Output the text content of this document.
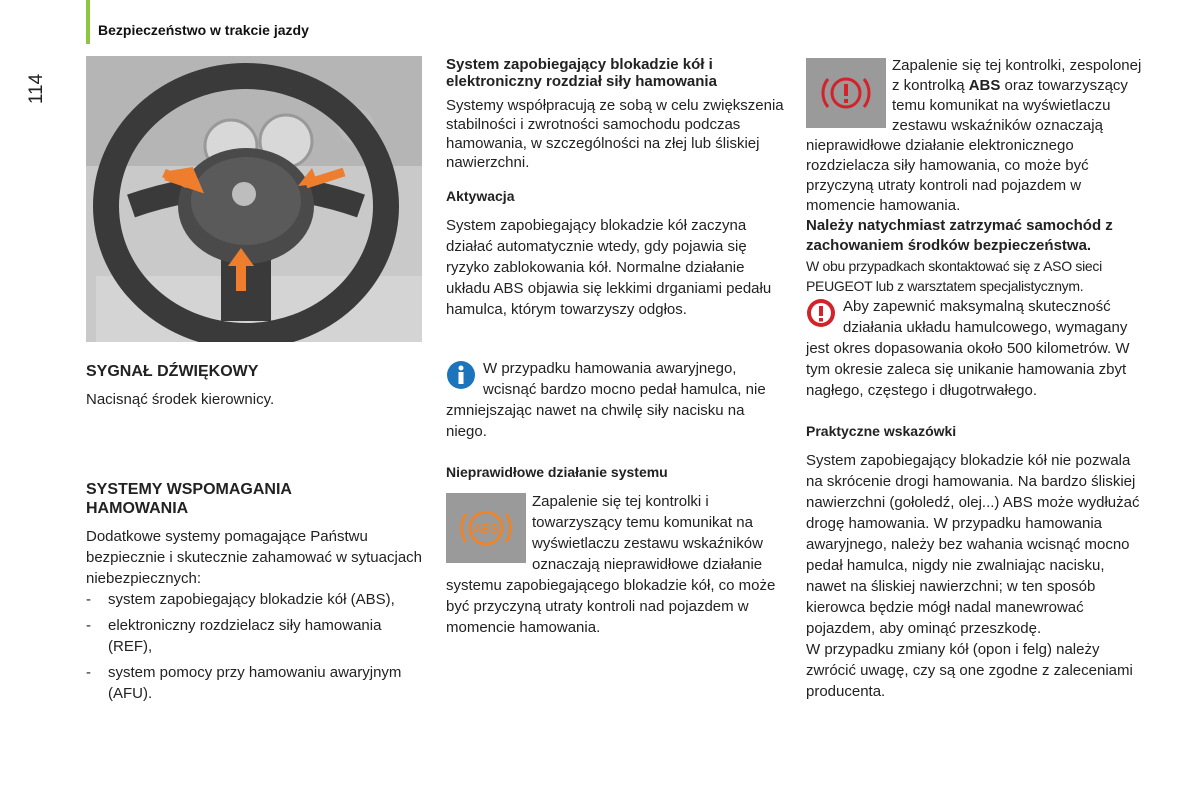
Bezpieczeństwo w trakcie jazdy
114

SYGNAŁ DŹWIĘKOWY

Nacisnąć środek kierownicy.

SYSTEMY WSPOMAGANIA

HAMOWANIA

Dodatkowe systemy pomagające Państwu bezpiecznie i skutecznie zahamować w sytuacjach niebezpiecznych:

- system zapobiegający blokadzie kół (ABS),
- elektroniczny rozdzielacz siły hamowania (REF),
- system pomocy przy hamowaniu awaryjnym (AFU).

System zapobiegający blokadzie kół i

elektroniczny rozdział siły hamowania

Systemy współpracują ze sobą w celu zwiększenia stabilności i zwrotności samochodu podczas hamowania, w szczególności na złej lub śliskiej nawierzchni.

Aktywacja

System zapobiegający blokadzie kół zaczyna działać automatycznie wtedy, gdy pojawia się ryzyko zablokowania kół. Normalne działanie układu ABS objawia się lekkimi drganiami pedału hamulca, którym towarzyszy odgłos.

W przypadku hamowania awaryjnego, wcisnąć bardzo mocno pedał hamulca, nie zmniejszając nawet na chwilę siły nacisku na niego.

Nieprawidłowe działanie systemu

ABS

Zapalenie się tej kontrolki i towarzyszący temu komunikat na wyświetlaczu zestawu wskaźników oznaczają nieprawidłowe działanie systemu zapobiegającego blokadzie kół, co może być przyczyną utraty kontroli nad pojazdem w momencie hamowania.

Zapalenie się tej kontrolki, zespolonej z kontrolką ABS oraz towarzyszący temu komunikat na wyświetlaczu zestawu wskaźników oznaczają nieprawidłowe działanie elektronicznego rozdzielacza siły hamowania, co może być przyczyną utraty kontroli nad pojazdem w momencie hamowania.

Należy natychmiast zatrzymać samochód z zachowaniem środków bezpieczeństwa.

W obu przypadkach skontaktować się z ASO sieci PEUGEOT lub z warsztatem specjalistycznym.

Aby zapewnić maksymalną skuteczność działania układu hamulcowego, wymagany jest okres dopasowania około 500 kilometrów. W tym okresie zaleca się unikanie hamowania zbyt nagłego, częstego i długotrwałego.

Praktyczne wskazówki

System zapobiegający blokadzie kół nie pozwala na skrócenie drogi hamowania. Na bardzo śliskiej nawierzchni (gołoledź, olej...) ABS może wydłużać drogę hamowania. W przypadku hamowania awaryjnego, należy bez wahania wcisnąć mocno pedał hamulca, nigdy nie zwalniając nacisku, nawet na śliskiej nawierzchni; w ten sposób kierowca będzie mógł nadal manewrować pojazdem, aby ominąć przeszkodę.

W przypadku zmiany kół (opon i felg) należy zwrócić uwagę, czy są one zgodne z zaleceniami producenta.
